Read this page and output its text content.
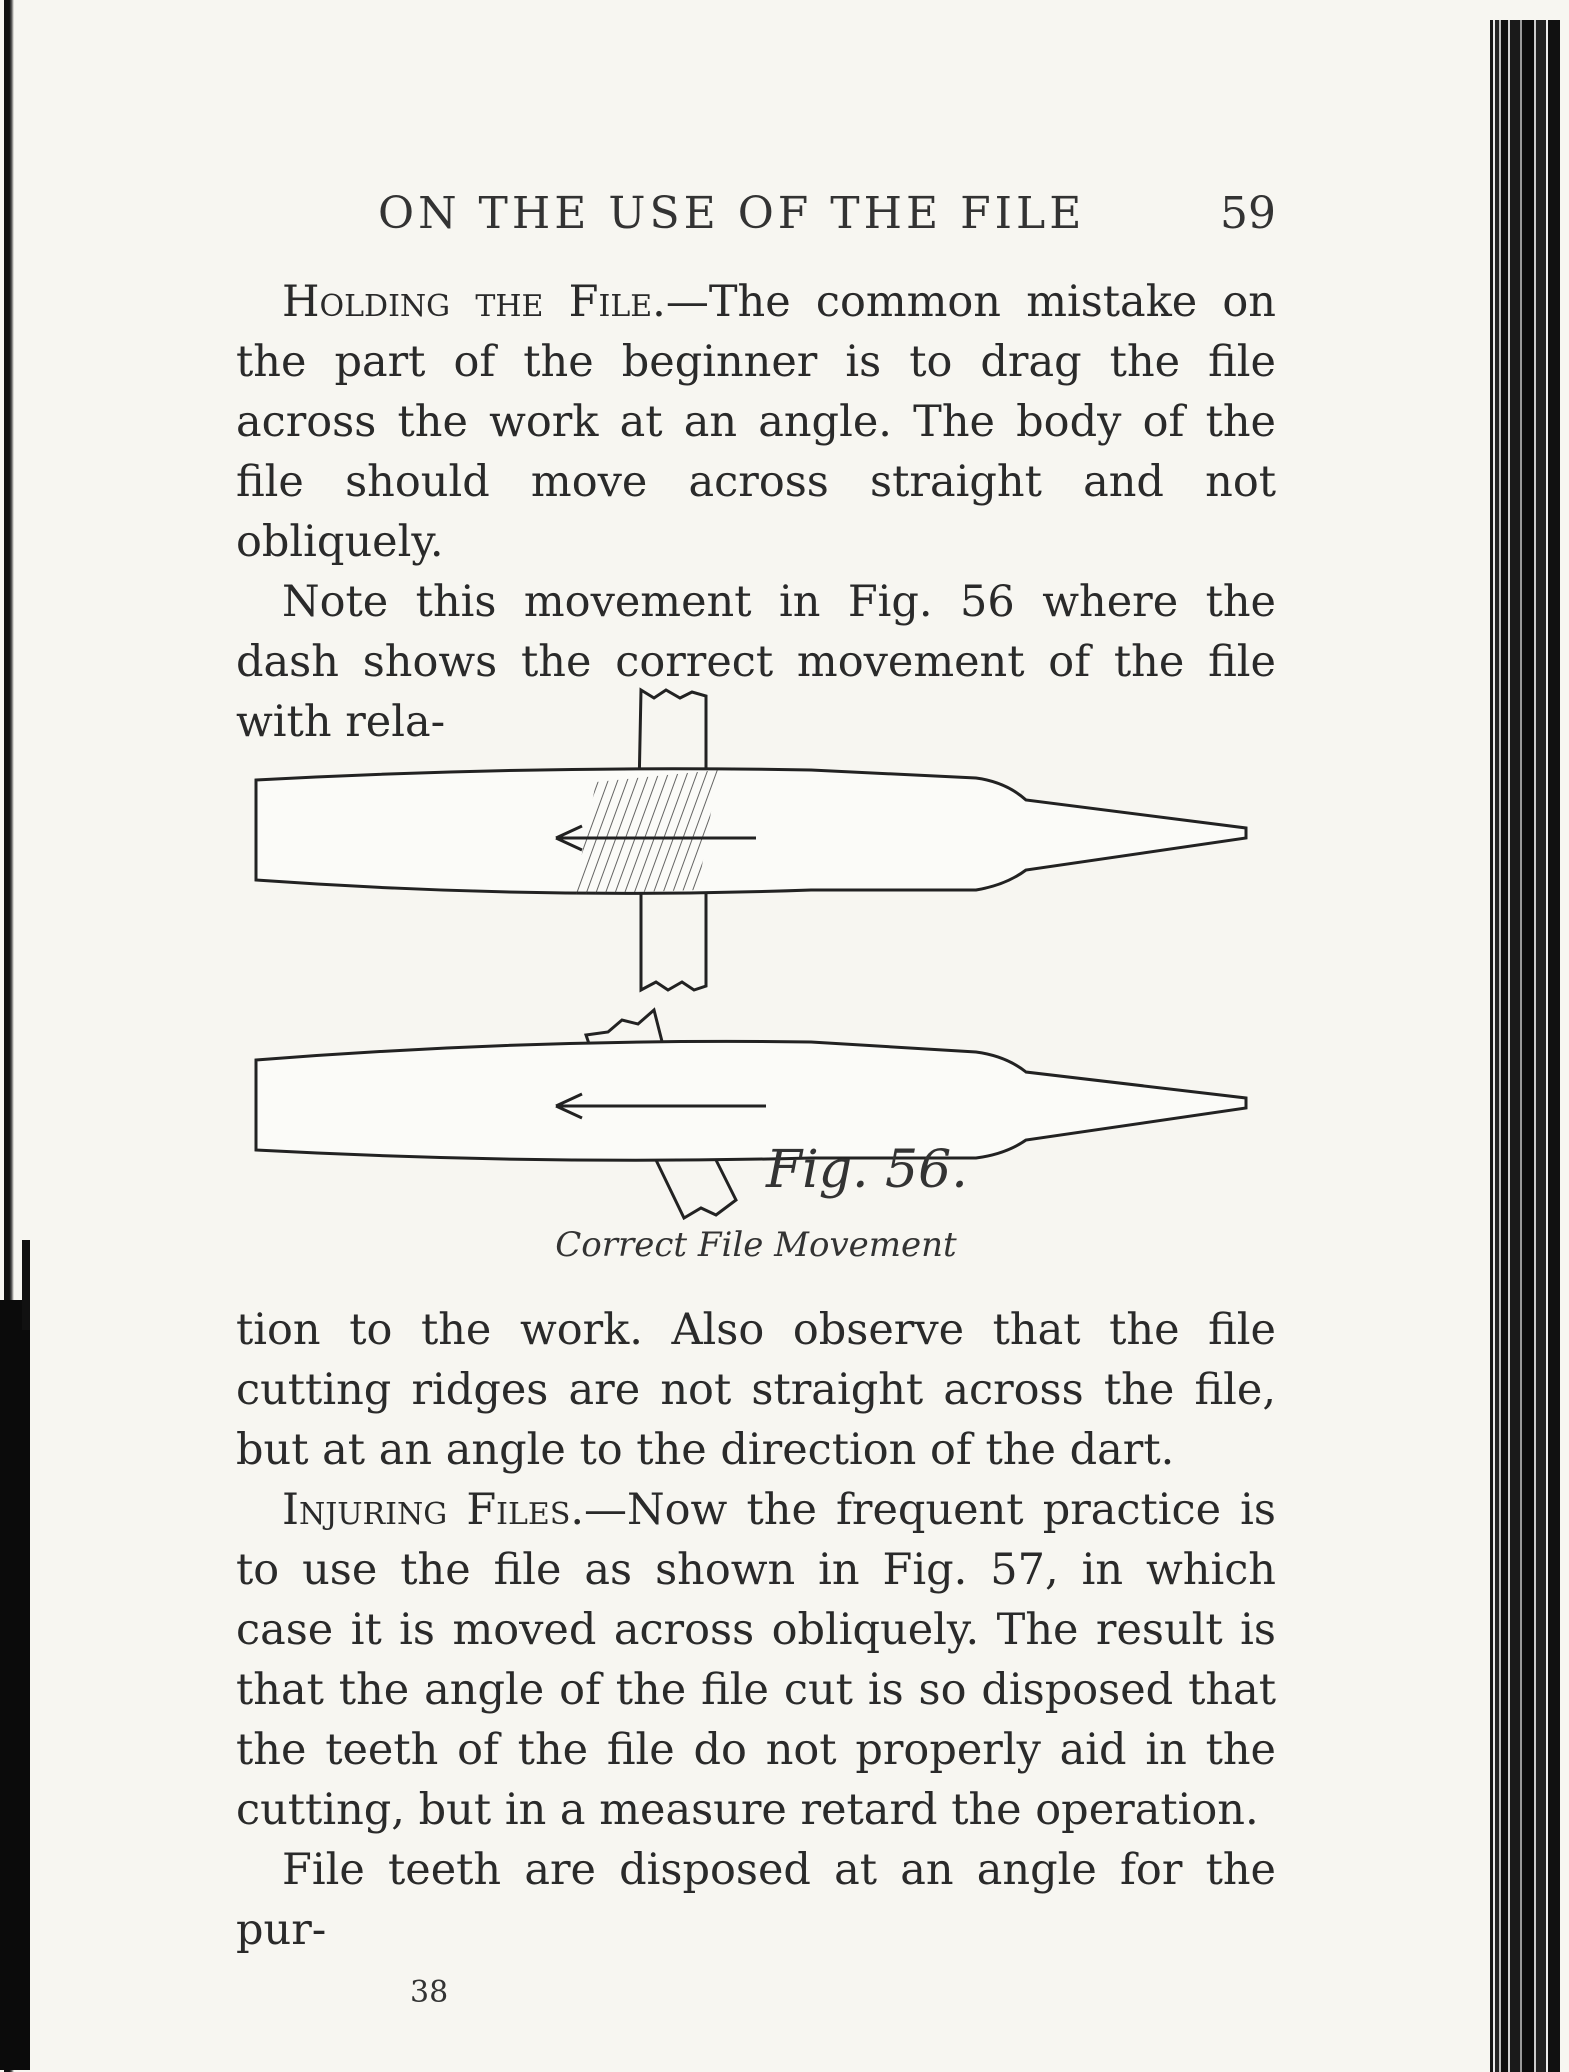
ON THE USE OF THE FILE	59

Holding the File.—The common mistake on the part of the beginner is to drag the file across the work at an angle. The body of the file should move across straight and not obliquely.

Note this movement in Fig. 56 where the dash shows the correct movement of the file with rela-

Fig. 56.
Correct File Movement

tion to the work. Also observe that the file cutting ridges are not straight across the file, but at an angle to the direction of the dart.

Injuring Files.—Now the frequent practice is to use the file as shown in Fig. 57, in which case it is moved across obliquely. The result is that the angle of the file cut is so disposed that the teeth of the file do not properly aid in the cutting, but in a measure retard the operation.

File teeth are disposed at an angle for the pur-

38
